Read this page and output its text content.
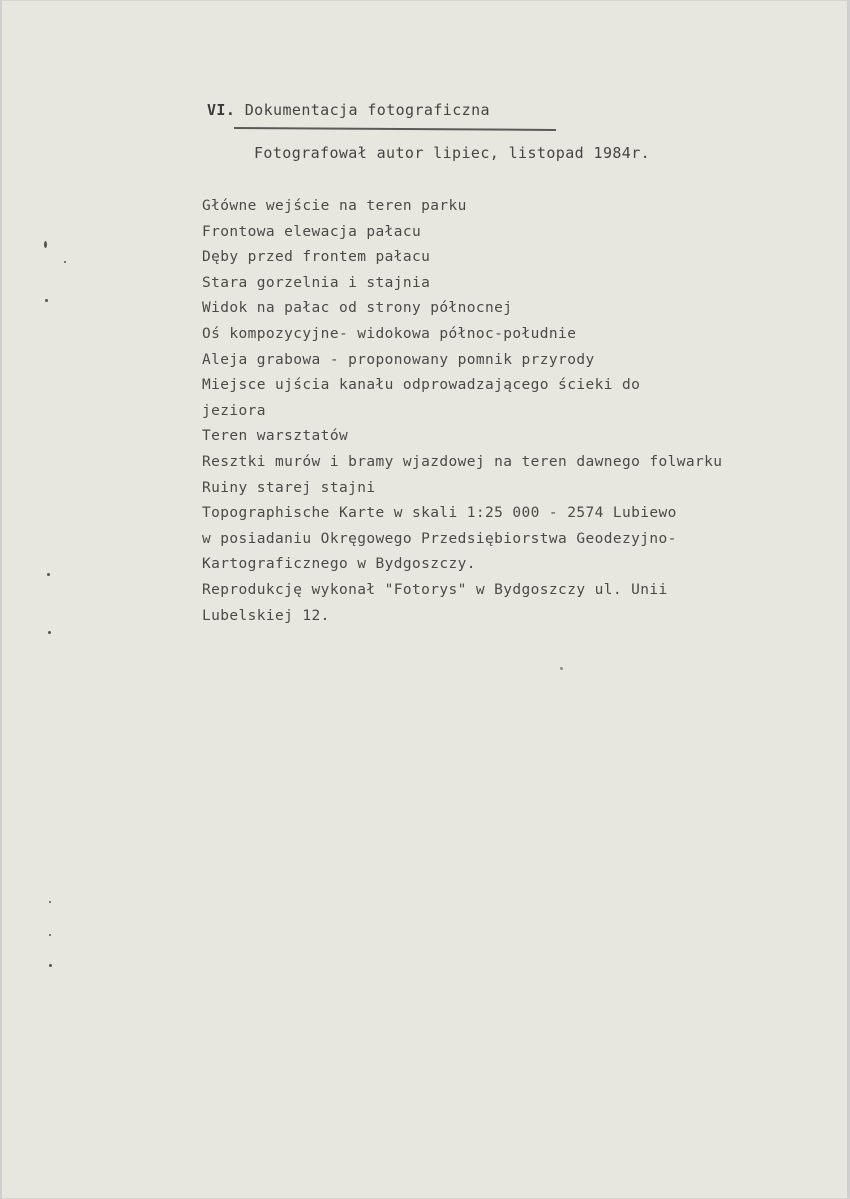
VI. Dokumentacja fotograficzna
Fotografował autor lipiec, listopad 1984r.
Główne wejście na teren parku
Frontowa elewacja pałacu
Dęby przed frontem pałacu
Stara gorzelnia i stajnia
Widok na pałac od strony północnej
Oś kompozycyjne- widokowa północ-południe
Aleja grabowa - proponowany pomnik przyrody
Miejsce ujścia kanału odprowadzającego ścieki do
jeziora
Teren warsztatów
Resztki murów i bramy wjazdowej na teren dawnego folwarku
Ruiny starej stajni
Topographische Karte w skali 1:25 000 - 2574 Lubiewo
w posiadaniu Okręgowego Przedsiębiorstwa Geodezyjno-
Kartograficznego w Bydgoszczy.
Reprodukcję wykonał "Fotorys" w Bydgoszczy ul. Unii
Lubelskiej 12.
